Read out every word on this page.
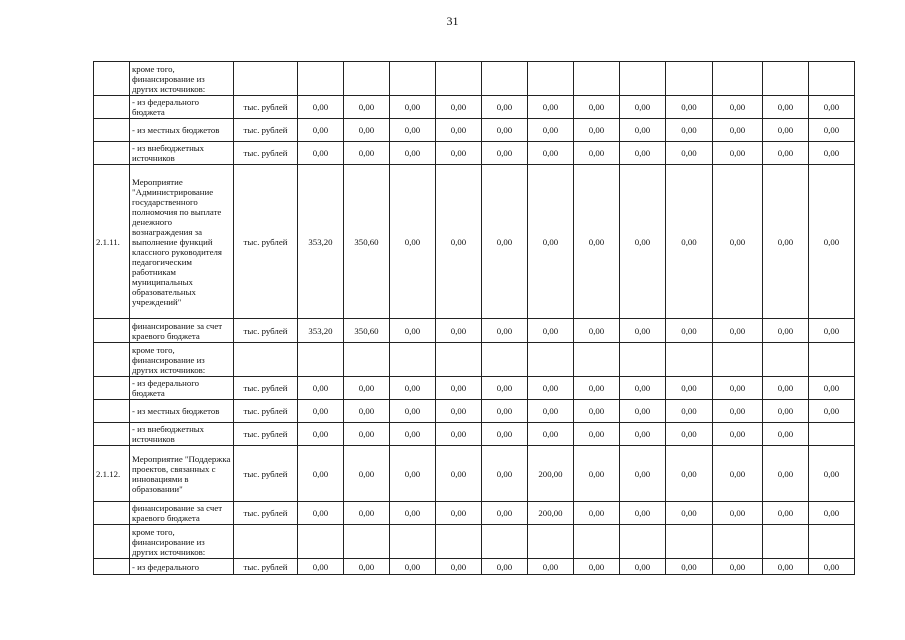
31
	кроме того, финансирование из других источников:													
	- из федерального бюджета	тыс. рублей	0,00	0,00	0,00	0,00	0,00	0,00	0,00	0,00	0,00	0,00	0,00	0,00
	- из местных бюджетов	тыс. рублей	0,00	0,00	0,00	0,00	0,00	0,00	0,00	0,00	0,00	0,00	0,00	0,00
	- из внебюджетных источников	тыс. рублей	0,00	0,00	0,00	0,00	0,00	0,00	0,00	0,00	0,00	0,00	0,00	0,00
2.1.11.	Мероприятие "Администрирование государственного полномочия по выплате денежного вознаграждения за выполнение функций классного руководителя педагогическим работникам муниципальных образовательных учреждений"	тыс. рублей	353,20	350,60	0,00	0,00	0,00	0,00	0,00	0,00	0,00	0,00	0,00	0,00
	финансирование за счет краевого бюджета	тыс. рублей	353,20	350,60	0,00	0,00	0,00	0,00	0,00	0,00	0,00	0,00	0,00	0,00
	кроме того, финансирование из других источников:													
	- из федерального бюджета	тыс. рублей	0,00	0,00	0,00	0,00	0,00	0,00	0,00	0,00	0,00	0,00	0,00	0,00
	- из местных бюджетов	тыс. рублей	0,00	0,00	0,00	0,00	0,00	0,00	0,00	0,00	0,00	0,00	0,00	0,00
	- из внебюджетных источников	тыс. рублей	0,00	0,00	0,00	0,00	0,00	0,00	0,00	0,00	0,00	0,00	0,00	
2.1.12.	Мероприятие "Поддержка проектов, связанных с инновациями в образовании"	тыс. рублей	0,00	0,00	0,00	0,00	0,00	200,00	0,00	0,00	0,00	0,00	0,00	0,00
	финансирование за счет краевого бюджета	тыс. рублей	0,00	0,00	0,00	0,00	0,00	200,00	0,00	0,00	0,00	0,00	0,00	0,00
	кроме того, финансирование из других источников:													
	- из федерального	тыс. рублей	0,00	0,00	0,00	0,00	0,00	0,00	0,00	0,00	0,00	0,00	0,00	0,00
